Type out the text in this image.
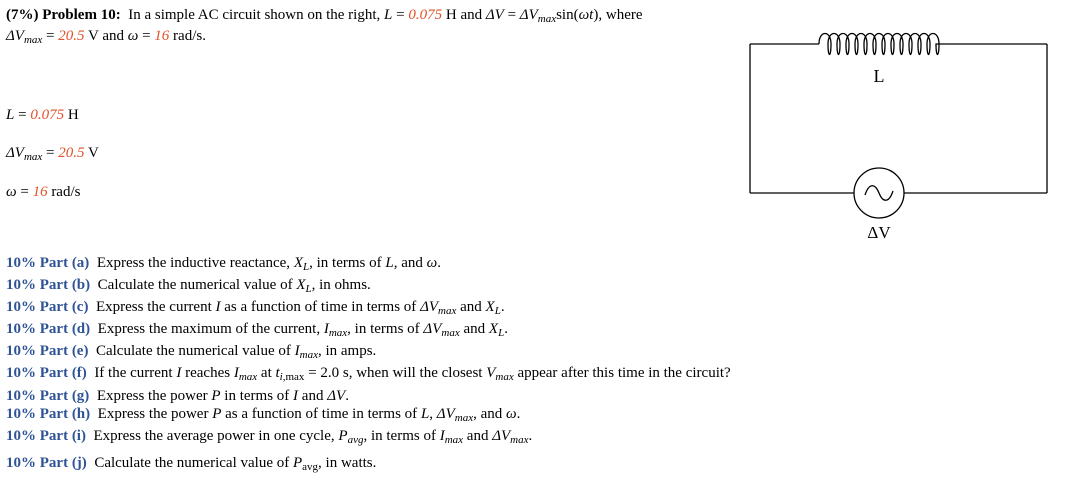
(7%) Problem 10: In a simple AC circuit shown on the right, L = 0.075 H and $\Delta V = \Delta V_{max}\sin(\omega t)$, where
$\Delta V_{max} = 20.5$ V and ω = 16 rad/s.
L = 0.075 H
$\Delta V_{max} = 20.5$ V
ω = 16 rad/s
L
ΔV
10% Part (a)  Express the inductive reactance, $X_L$, in terms of L, and ω.
10% Part (b)  Calculate the numerical value of $X_L$, in ohms.
10% Part (c)  Express the current I as a function of time in terms of $\Delta V_{max}$ and $X_L$.
10% Part (d)  Express the maximum of the current, $I_{max}$, in terms of $\Delta V_{max}$ and $X_L$.
10% Part (e)  Calculate the numerical value of $I_{max}$, in amps.
10% Part (f)  If the current I reaches $I_{max}$ at $t_{i,max} = 2.0$ s, when will the closest $V_{max}$ appear after this time in the circuit?
10% Part (g)  Express the power P in terms of I and ΔV.
10% Part (h)  Express the power P as a function of time in terms of L, $\Delta V_{max}$, and ω.
10% Part (i)  Express the average power in one cycle, $P_{avg}$, in terms of $I_{max}$ and $\Delta V_{max}$.
10% Part (j)  Calculate the numerical value of $P_{avg}$, in watts.
